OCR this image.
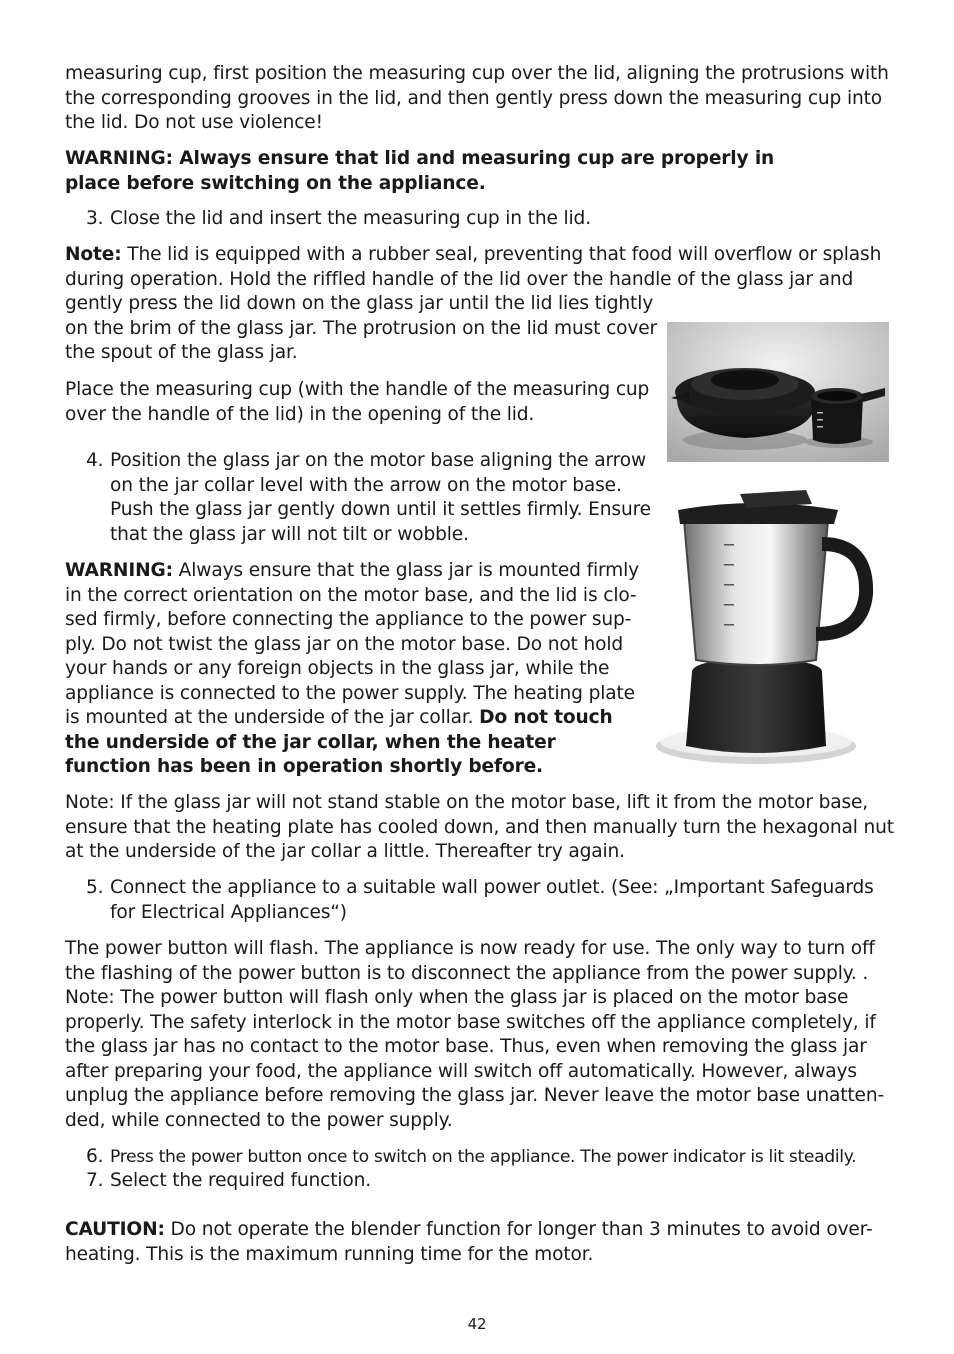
measuring cup, first position the measuring cup over the lid, aligning the protrusions with
the corresponding grooves in the lid, and then gently press down the measuring cup into
the lid. Do not use violence!

WARNING: Always ensure that lid and measuring cup are properly in
place before switching on the appliance.

3. Close the lid and insert the measuring cup in the lid.

Note: The lid is equipped with a rubber seal, preventing that food will overflow or splash
during operation. Hold the riffled handle of the lid over the handle of the glass jar and
gently press the lid down on the glass jar until the lid lies tightly
on the brim of the glass jar. The protrusion on the lid must cover
the spout of the glass jar.

Place the measuring cup (with the handle of the measuring cup
over the handle of the lid) in the opening of the lid.

4. Position the glass jar on the motor base aligning the arrow
on the jar collar level with the arrow on the motor base.
Push the glass jar gently down until it settles firmly. Ensure
that the glass jar will not tilt or wobble.

WARNING: Always ensure that the glass jar is mounted firmly
in the correct orientation on the motor base, and the lid is clo-
sed firmly, before connecting the appliance to the power sup-
ply. Do not twist the glass jar on the motor base. Do not hold
your hands or any foreign objects in the glass jar, while the
appliance is connected to the power supply. The heating plate
is mounted at the underside of the jar collar. Do not touch
the underside of the jar collar, when the heater
function has been in operation shortly before.

Note: If the glass jar will not stand stable on the motor base, lift it from the motor base,
ensure that the heating plate has cooled down, and then manually turn the hexagonal nut
at the underside of the jar collar a little. Thereafter try again.

5. Connect the appliance to a suitable wall power outlet. (See: „Important Safeguards
for Electrical Appliances“)

The power button will flash. The appliance is now ready for use. The only way to turn off
the flashing of the power button is to disconnect the appliance from the power supply. .
Note: The power button will flash only when the glass jar is placed on the motor base
properly. The safety interlock in the motor base switches off the appliance completely, if
the glass jar has no contact to the motor base. Thus, even when removing the glass jar
after preparing your food, the appliance will switch off automatically. However, always
unplug the appliance before removing the glass jar. Never leave the motor base unatten-
ded, while connected to the power supply.

6. Press the power button once to switch on the appliance. The power indicator is lit steadily.

7. Select the required function.

CAUTION: Do not operate the blender function for longer than 3 minutes to avoid over-
heating. This is the maximum running time for the motor.

42
